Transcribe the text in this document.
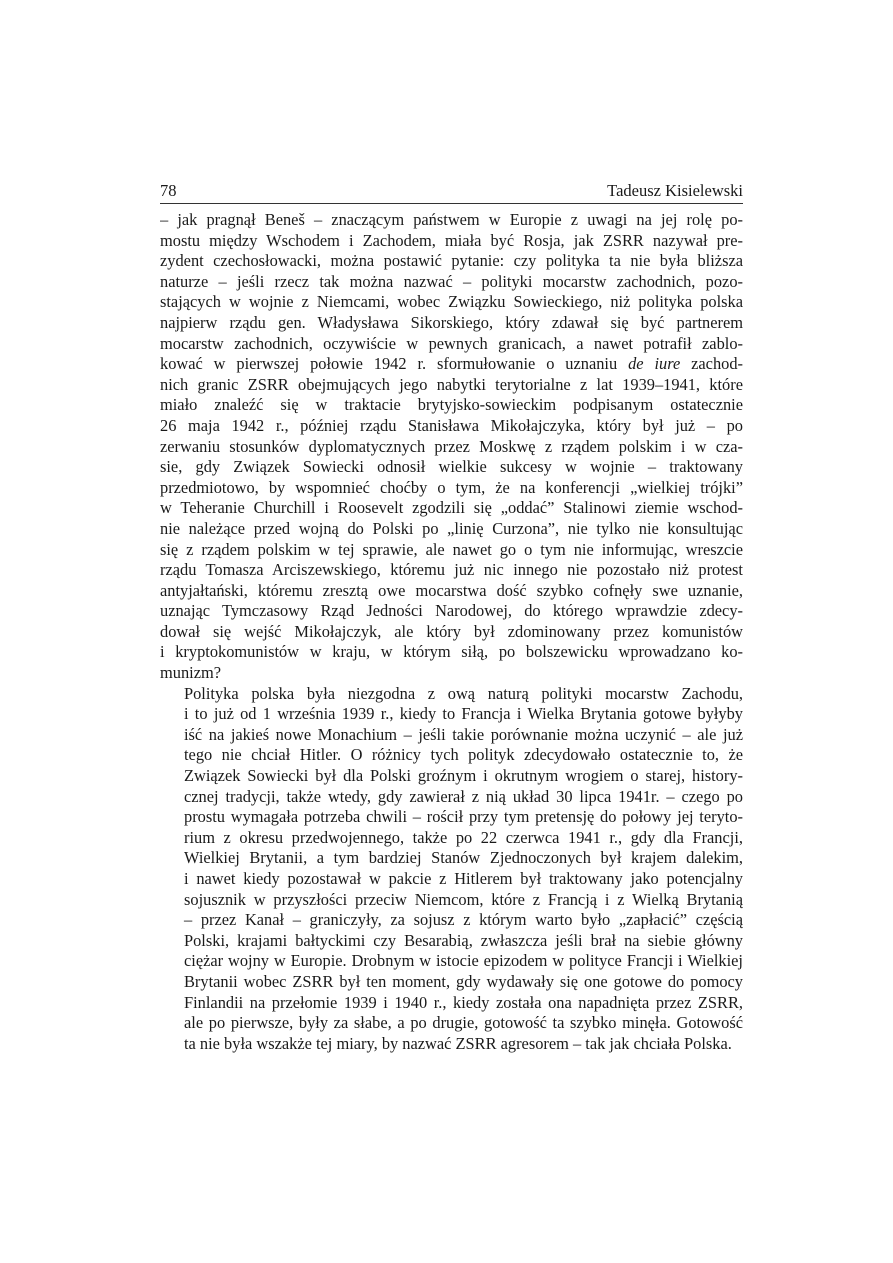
78	Tadeusz Kisielewski

– jak pragnął Beneš – znaczącym państwem w Europie z uwagi na jej rolę po-
mostu między Wschodem i Zachodem, miała być Rosja, jak ZSRR nazywał pre-
zydent czechosłowacki, można postawić pytanie: czy polityka ta nie była bliższa
naturze – jeśli rzecz tak można nazwać – polityki mocarstw zachodnich, pozo-
stających w wojnie z Niemcami, wobec Związku Sowieckiego, niż polityka polska
najpierw rządu gen. Władysława Sikorskiego, który zdawał się być partnerem
mocarstw zachodnich, oczywiście w pewnych granicach, a nawet potrafił zablo-
kować w pierwszej połowie 1942 r. sformułowanie o uznaniu de iure zachod-
nich granic ZSRR obejmujących jego nabytki terytorialne z lat 1939–1941, które
miało znaleźć się w traktacie brytyjsko-sowieckim podpisanym ostatecznie
26 maja 1942 r., później rządu Stanisława Mikołajczyka, który był już – po
zerwaniu stosunków dyplomatycznych przez Moskwę z rządem polskim i w cza-
sie, gdy Związek Sowiecki odnosił wielkie sukcesy w wojnie – traktowany
przedmiotowo, by wspomnieć choćby o tym, że na konferencji „wielkiej trójki”
w Teheranie Churchill i Roosevelt zgodzili się „oddać” Stalinowi ziemie wschod-
nie należące przed wojną do Polski po „linię Curzona”, nie tylko nie konsultując
się z rządem polskim w tej sprawie, ale nawet go o tym nie informując, wreszcie
rządu Tomasza Arciszewskiego, któremu już nic innego nie pozostało niż protest
antyjałtański, któremu zresztą owe mocarstwa dość szybko cofnęły swe uznanie,
uznając Tymczasowy Rząd Jedności Narodowej, do którego wprawdzie zdecy-
dował się wejść Mikołajczyk, ale który był zdominowany przez komunistów
i kryptokomunistów w kraju, w którym siłą, po bolszewicku wprowadzano ko-
munizm?

Polityka polska była niezgodna z ową naturą polityki mocarstw Zachodu,
i to już od 1 września 1939 r., kiedy to Francja i Wielka Brytania gotowe byłyby
iść na jakieś nowe Monachium – jeśli takie porównanie można uczynić – ale już
tego nie chciał Hitler. O różnicy tych polityk zdecydowało ostatecznie to, że
Związek Sowiecki był dla Polski groźnym i okrutnym wrogiem o starej, history-
cznej tradycji, także wtedy, gdy zawierał z nią układ 30 lipca 1941r. – czego po
prostu wymagała potrzeba chwili – rościł przy tym pretensję do połowy jej teryto-
rium z okresu przedwojennego, także po 22 czerwca 1941 r., gdy dla Francji,
Wielkiej Brytanii, a tym bardziej Stanów Zjednoczonych był krajem dalekim,
i nawet kiedy pozostawał w pakcie z Hitlerem był traktowany jako potencjalny
sojusznik w przyszłości przeciw Niemcom, które z Francją i z Wielką Brytanią
– przez Kanał – graniczyły, za sojusz z którym warto było „zapłacić” częścią
Polski, krajami bałtyckimi czy Besarabią, zwłaszcza jeśli brał na siebie główny
ciężar wojny w Europie. Drobnym w istocie epizodem w polityce Francji i Wielkiej
Brytanii wobec ZSRR był ten moment, gdy wydawały się one gotowe do pomocy
Finlandii na przełomie 1939 i 1940 r., kiedy została ona napadnięta przez ZSRR,
ale po pierwsze, były za słabe, a po drugie, gotowość ta szybko minęła. Gotowość
ta nie była wszakże tej miary, by nazwać ZSRR agresorem – tak jak chciała Polska.
